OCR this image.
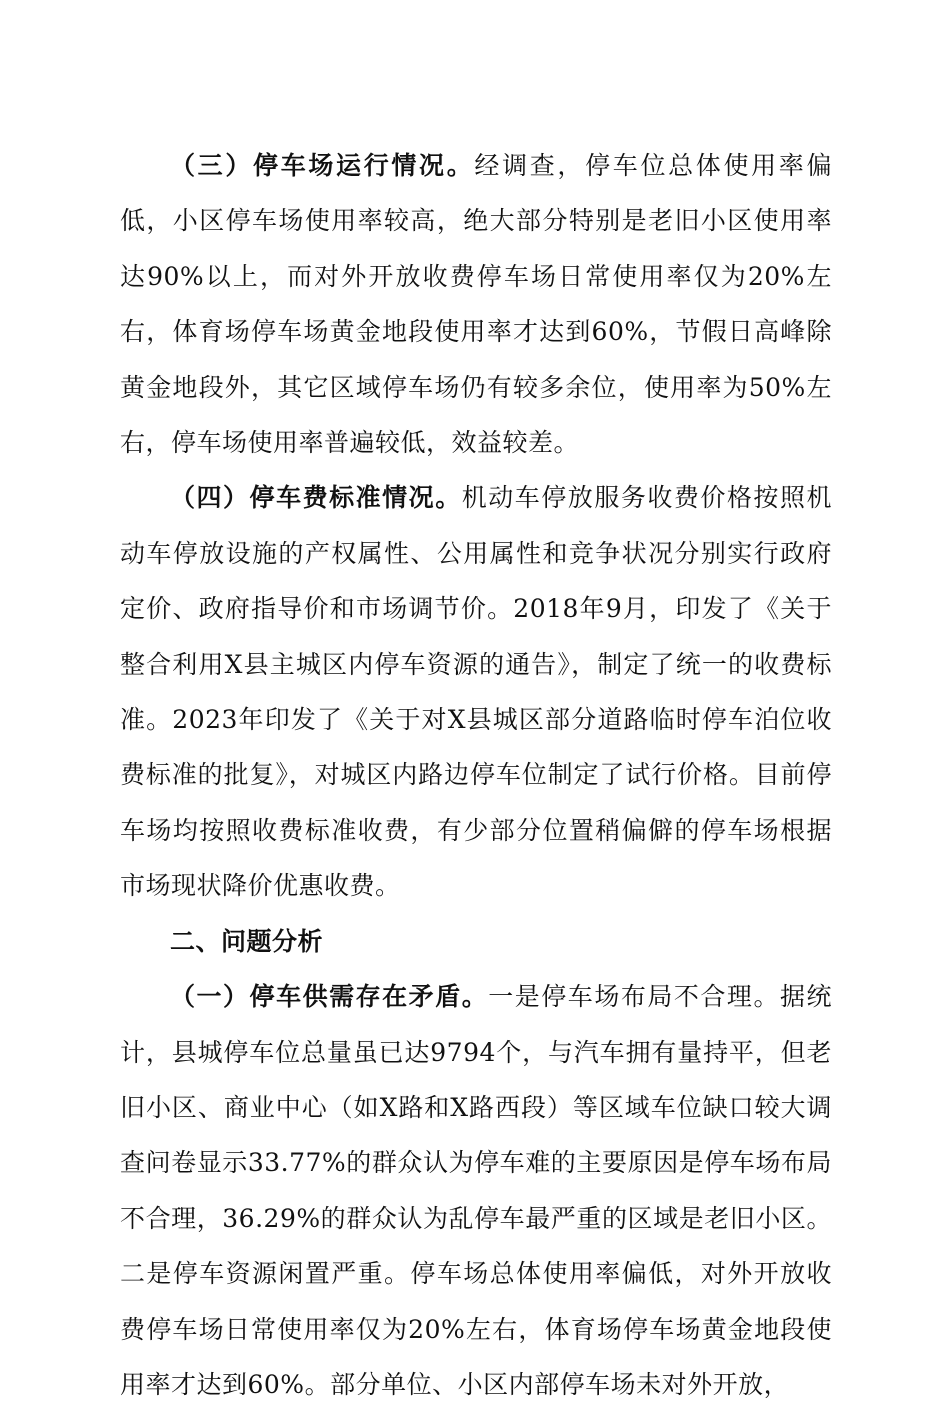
（三）停车场运行情况。经调查，停车位总体使用率偏低，小区停车场使用率较高，绝大部分特别是老旧小区使用率达90%以上，而对外开放收费停车场日常使用率仅为20%左右，体育场停车场黄金地段使用率才达到60%，节假日高峰除黄金地段外，其它区域停车场仍有较多余位，使用率为50%左右，停车场使用率普遍较低，效益较差。

（四）停车费标准情况。机动车停放服务收费价格按照机动车停放设施的产权属性、公用属性和竞争状况分别实行政府定价、政府指导价和市场调节价。2018年9月，印发了《关于整合利用X县主城区内停车资源的通告》，制定了统一的收费标准。2023年印发了《关于对X县城区部分道路临时停车泊位收费标准的批复》，对城区内路边停车位制定了试行价格。目前停车场均按照收费标准收费，有少部分位置稍偏僻的停车场根据市场现状降价优惠收费。

二、问题分析

（一）停车供需存在矛盾。一是停车场布局不合理。据统计，县城停车位总量虽已达9794个，与汽车拥有量持平，但老旧小区、商业中心（如X路和X路西段）等区域车位缺口较大调查问卷显示33.77%的群众认为停车难的主要原因是停车场布局不合理，36.29%的群众认为乱停车最严重的区域是老旧小区。二是停车资源闲置严重。停车场总体使用率偏低，对外开放收费停车场日常使用率仅为20%左右，体育场停车场黄金地段使用率才达到60%。部分单位、小区内部停车场未对外开放，
